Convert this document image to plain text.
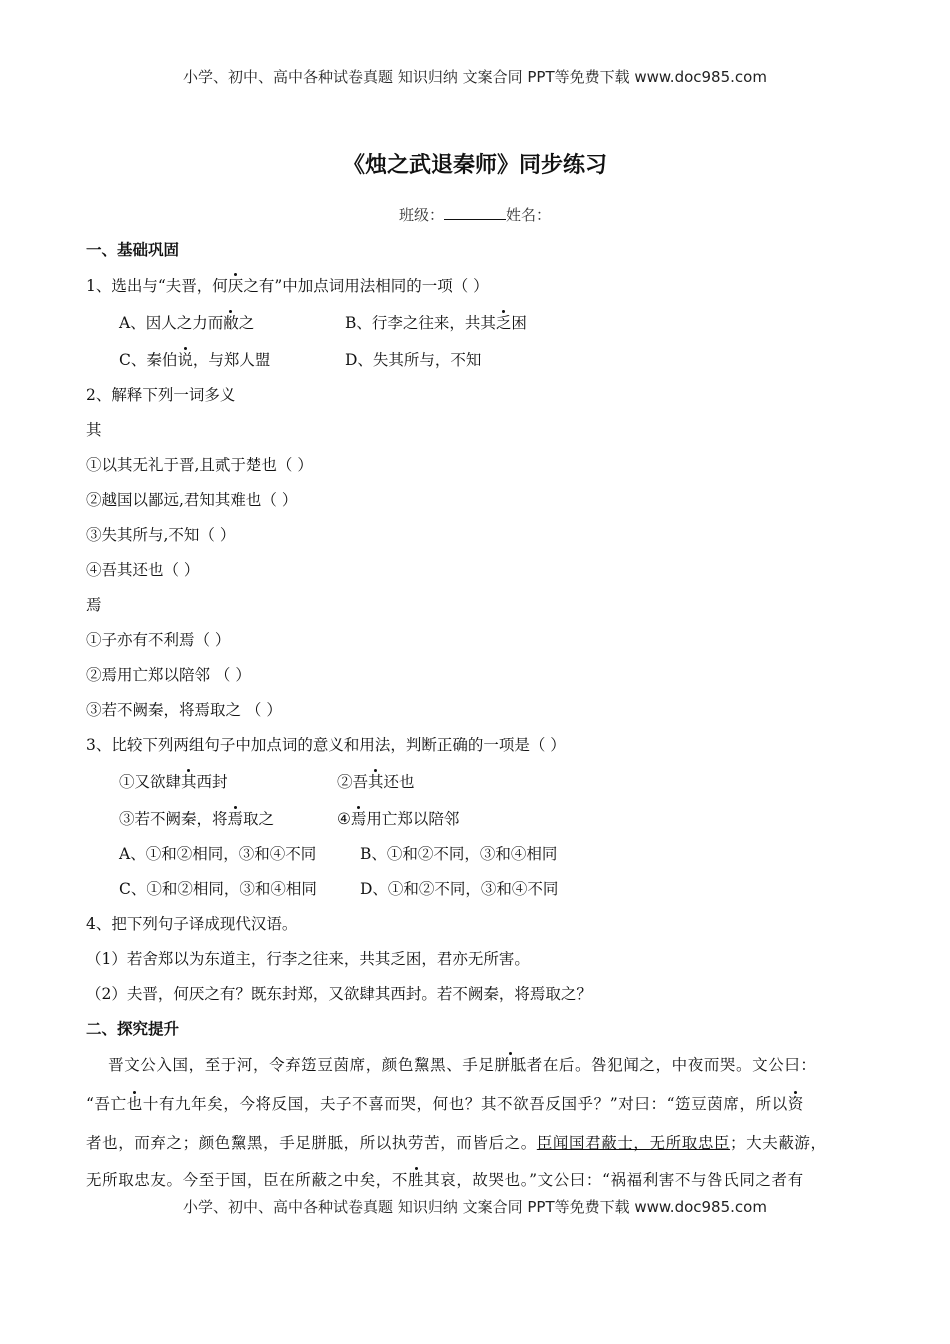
小学、初中、高中各种试卷真题 知识归纳 文案合同 PPT等免费下载 www.doc985.com
《烛之武退秦师》同步练习
班级：	姓名：
一、基础巩固
1、选出与“夫晋，何厌之有”中加点词用法相同的一项（ ）
A、因人之力而敝之	B、行李之往来，共其乏困
C、秦伯说，与郑人盟	D、失其所与，不知
2、解释下列一词多义
其
①以其无礼于晋,且贰于楚也（ ）
②越国以鄙远,君知其难也（ ）
③失其所与,不知（ ）
④吾其还也（ ）
焉
①子亦有不利焉（ ）
②焉用亡郑以陪邻 （ ）
③若不阙秦，将焉取之 （ ）
3、比较下列两组句子中加点词的意义和用法，判断正确的一项是（ ）
①又欲肆其西封	②吾其还也
③若不阙秦，将焉取之	④焉用亡郑以陪邻
A、①和②相同，③和④不同	B、①和②不同，③和④相同
C、①和②相同，③和④相同	D、①和②不同，③和④不同
4、把下列句子译成现代汉语。
（1）若舍郑以为东道主，行李之往来，共其乏困，君亦无所害。
（2）夫晋，何厌之有？既东封郑，又欲肆其西封。若不阙秦，将焉取之？
二、探究提升
晋文公入国，至于河，令弃笾豆茵席，颜色黧黑、手足胼胝者在后。咎犯闻之，中夜而哭。文公曰：
“吾亡也十有九年矣，今将反国，夫子不喜而哭，何也？其不欲吾反国乎？”对曰：“笾豆茵席，所以资
者也，而弃之；颜色黧黑，手足胼胝，所以执劳苦，而皆后之。臣闻国君蔽士，无所取忠臣；大夫蔽游，
无所取忠友。今至于国，臣在所蔽之中矣，不胜其哀，故哭也。”文公曰：“祸福利害不与咎氏同之者有
小学、初中、高中各种试卷真题 知识归纳 文案合同 PPT等免费下载 www.doc985.com
